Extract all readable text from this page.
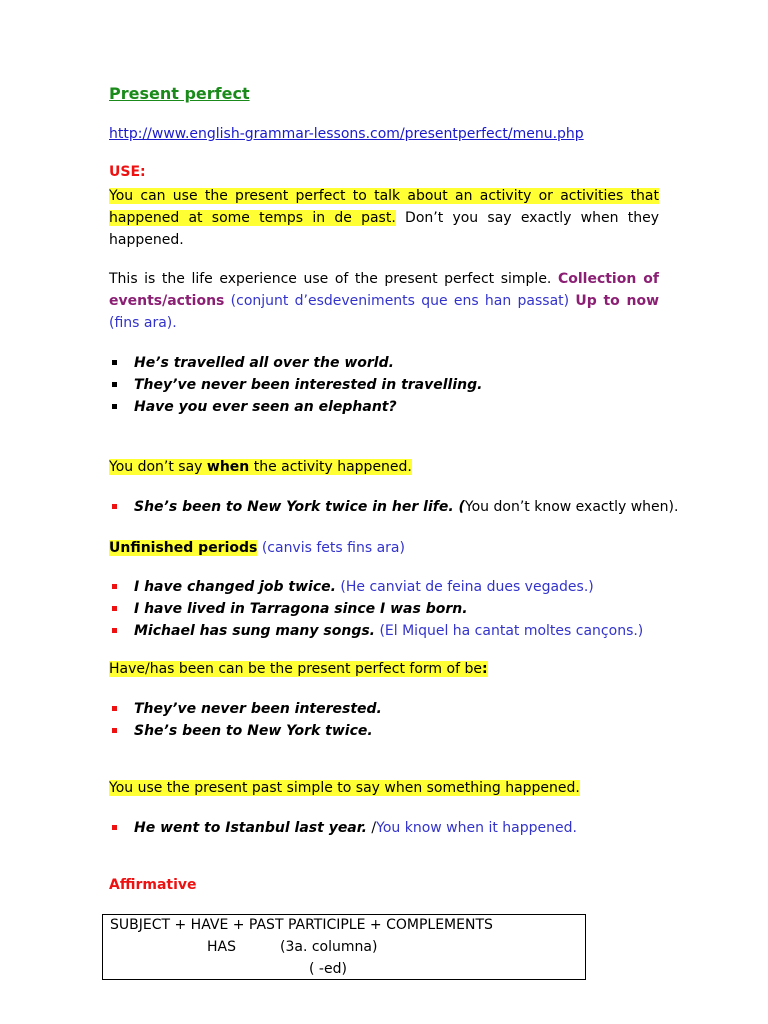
Present perfect
http://www.english-grammar-lessons.com/presentperfect/menu.php
USE:
You can use the present perfect to talk about an activity or activities that happened at some temps in de past. Don’t you say exactly when they happened.
This is the life experience use of the present perfect simple. Collection of events/actions (conjunt d’esdeveniments que ens han passat) Up to now (fins ara).
He’s travelled all over the world.
They’ve never been interested in travelling.
Have you ever seen an elephant?
You don’t say when the activity happened.
She’s been to New York twice in her life. (You don’t know exactly when).
Unfinished periods (canvis fets fins ara)
I have changed job twice. (He canviat de feina dues vegades.)
I have lived in Tarragona since I was born.
Michael has sung many songs. (El Miquel ha cantat moltes cançons.)
Have/has been can be the present perfect form of be:
They’ve never been interested.
She’s been to New York twice.
You use the present past simple to say when something happened.
He went to Istanbul last year. /You know when it happened.
Affirmative
SUBJECT + HAVE + PAST PARTICIPLE + COMPLEMENTS
HAS	(3a. columna)
( -ed)
